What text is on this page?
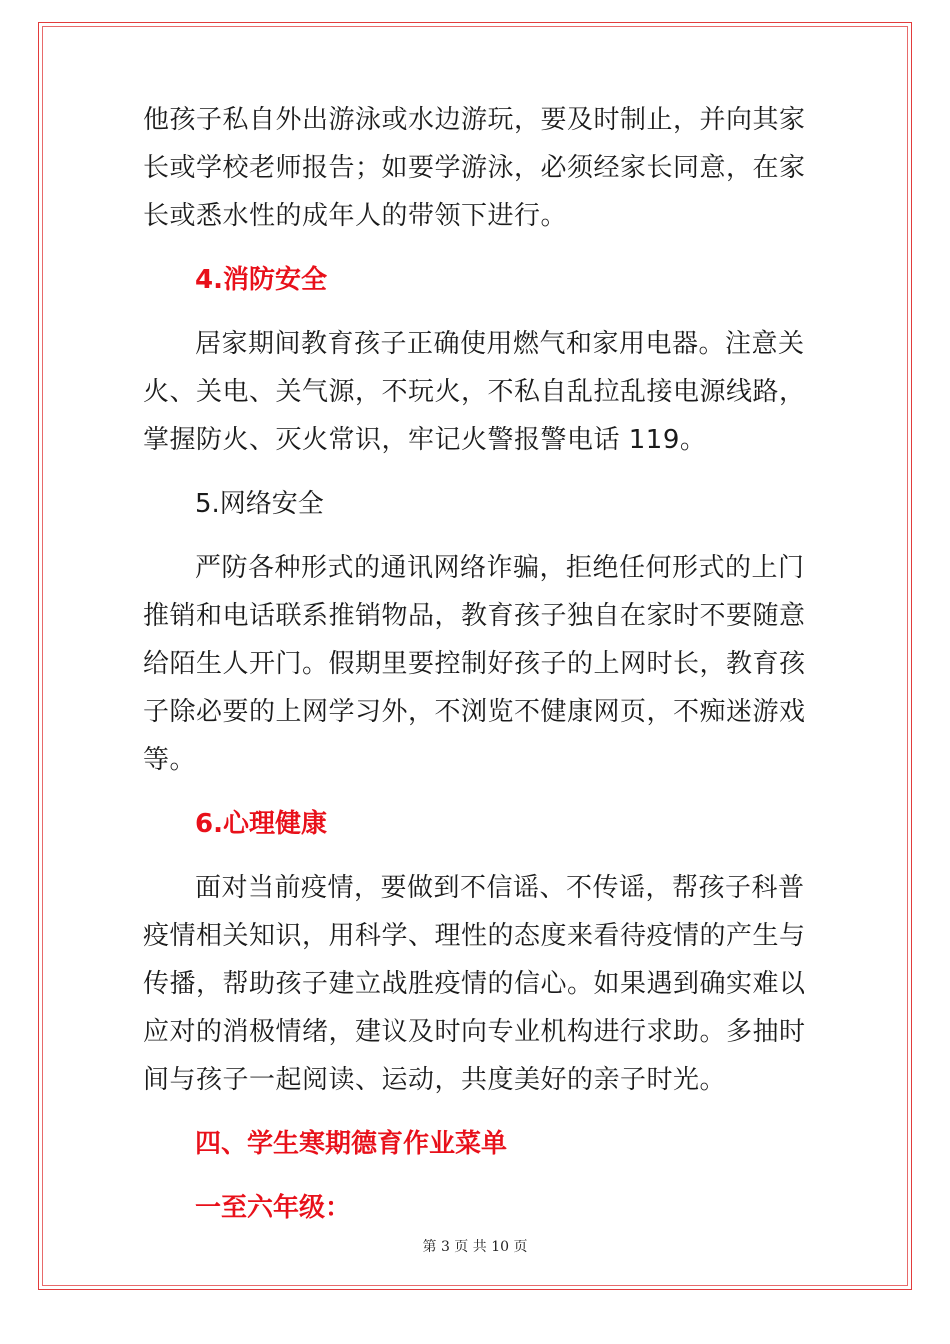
他孩子私自外出游泳或水边游玩，要及时制止，并向其家长或学校老师报告；如要学游泳，必须经家长同意，在家长或悉水性的成年人的带领下进行。

4.消防安全

居家期间教育孩子正确使用燃气和家用电器。注意关火、关电、关气源，不玩火，不私自乱拉乱接电源线路，掌握防火、灭火常识，牢记火警报警电话 119。

5.网络安全

严防各种形式的通讯网络诈骗，拒绝任何形式的上门推销和电话联系推销物品，教育孩子独自在家时不要随意给陌生人开门。假期里要控制好孩子的上网时长，教育孩子除必要的上网学习外，不浏览不健康网页，不痴迷游戏等。

6.心理健康

面对当前疫情，要做到不信谣、不传谣，帮孩子科普疫情相关知识，用科学、理性的态度来看待疫情的产生与传播，帮助孩子建立战胜疫情的信心。如果遇到确实难以应对的消极情绪，建议及时向专业机构进行求助。多抽时间与孩子一起阅读、运动，共度美好的亲子时光。

四、学生寒期德育作业菜单

一至六年级：

第 3 页 共 10 页
